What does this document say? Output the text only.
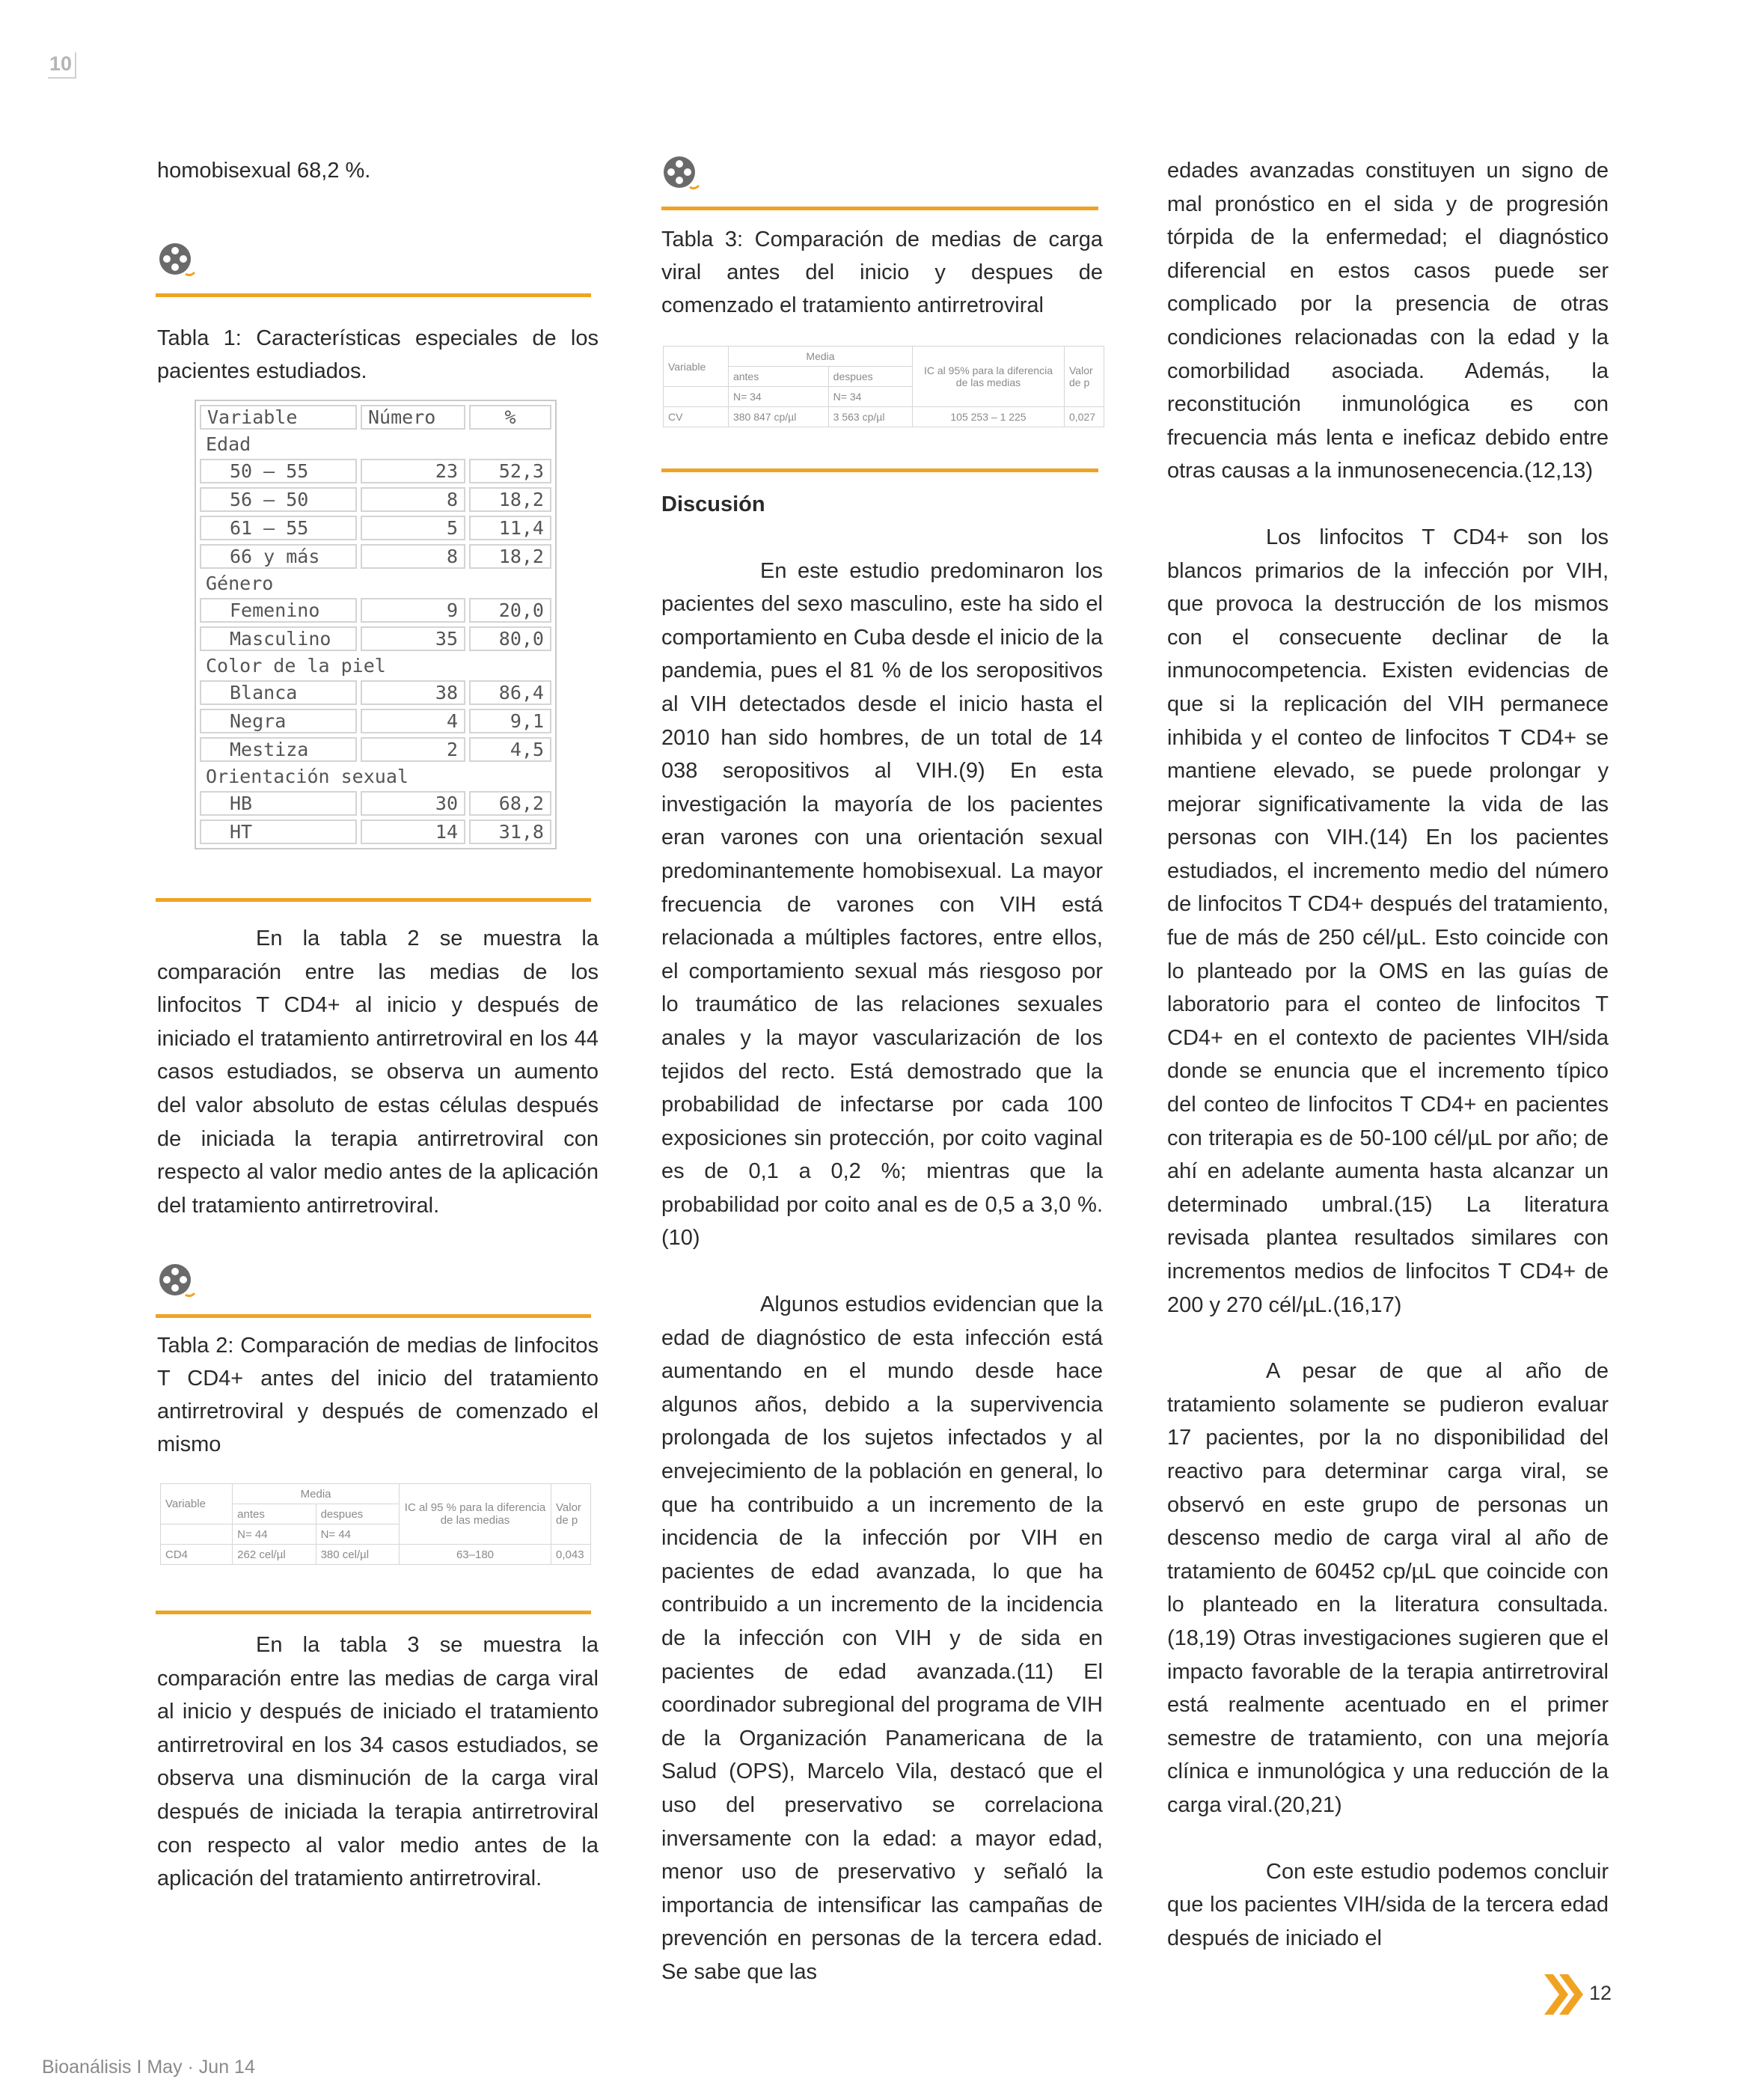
10

homobisexual 68,2 %.

Tabla 1: Características especiales de los pacientes estudiados.

Variable	Número	%
Edad		
50 – 55	23	52,3
56 – 50	8	18,2
61 – 55	5	11,4
66 y más	8	18,2
Género		
Femenino	9	20,0
Masculino	35	80,0
Color de la piel		
Blanca	38	86,4
Negra	4	9,1
Mestiza	2	4,5
Orientación sexual		
HB	30	68,2
HT	14	31,8

En la tabla 2 se muestra la comparación entre las medias de los linfocitos T CD4+ al inicio y después de iniciado el tratamiento antirretroviral en los 44 casos estudiados, se observa un aumento del valor absoluto de estas células después de iniciada la terapia antirretroviral con respecto al valor medio antes de la aplicación del tratamiento antirretroviral.

Tabla 2: Comparación de medias de linfocitos T CD4+ antes del inicio del tratamiento antirretroviral y después de comenzado el mismo

Variable	Media		IC al 95 % para la diferencia de las medias	Valor de p
	antes	despues		
	N= 44	N= 44		
CD4	262 cel/µl	380 cel/µl	63–180	0,043

En la tabla 3 se muestra la comparación entre las medias de carga viral al inicio y después de iniciado el tratamiento antirretroviral en los 34 casos estudiados, se observa una disminución de la carga viral después de iniciada la terapia antirretroviral con respecto al valor medio antes de la aplicación del tratamiento antirretroviral.

Tabla 3: Comparación de medias de carga viral antes del inicio y despues de comenzado el tratamiento antirretroviral

Variable	Media		IC al 95% para la diferencia de las medias	Valor de p
	antes	despues		
	N= 34	N= 34		
CV	380 847 cp/µl	3 563 cp/µl	105 253 – 1 225	0,027

Discusión

En este estudio predominaron los pacientes del sexo masculino, este ha sido el comportamiento en Cuba desde el inicio de la pandemia, pues el 81 % de los seropositivos al VIH detectados desde el inicio hasta el 2010 han sido hombres, de un total de 14 038 seropositivos al VIH.(9) En esta investigación la mayoría de los pacientes eran varones con una orientación sexual predominantemente homobisexual. La mayor frecuencia de varones con VIH está relacionada a múltiples factores, entre ellos, el comportamiento sexual más riesgoso por lo traumático de las relaciones sexuales anales y la mayor vascularización de los tejidos del recto. Está demostrado que la probabilidad de infectarse por cada 100 exposiciones sin protección, por coito vaginal es de 0,1 a 0,2 %; mientras que la probabilidad por coito anal es de 0,5 a 3,0 %.(10)

Algunos estudios evidencian que la edad de diagnóstico de esta infección está aumentando en el mundo desde hace algunos años, debido a la supervivencia prolongada de los sujetos infectados y al envejecimiento de la población en general, lo que ha contribuido a un incremento de la incidencia de la infección por VIH en pacientes de edad avanzada, lo que ha contribuido a un incremento de la incidencia de la infección con VIH y de sida en pacientes de edad avanzada.(11) El coordinador subregional del programa de VIH de la Organización Panamericana de la Salud (OPS), Marcelo Vila, destacó que el uso del preservativo se correlaciona inversamente con la edad: a mayor edad, menor uso de preservativo y señaló la importancia de intensificar las campañas de prevención en personas de la tercera edad. Se sabe que las

edades avanzadas constituyen un signo de mal pronóstico en el sida y de progresión tórpida de la enfermedad; el diagnóstico diferencial en estos casos puede ser complicado por la presencia de otras condiciones relacionadas con la edad y la comorbilidad asociada. Además, la reconstitución inmunológica es con frecuencia más lenta e ineficaz debido entre otras causas a la inmunosenecencia.(12,13)

Los linfocitos T CD4+ son los blancos primarios de la infección por VIH, que provoca la destrucción de los mismos con el consecuente declinar de la inmunocompetencia. Existen evidencias de que si la replicación del VIH permanece inhibida y el conteo de linfocitos T CD4+ se mantiene elevado, se puede prolongar y mejorar significativamente la vida de las personas con VIH.(14) En los pacientes estudiados, el incremento medio del número de linfocitos T CD4+ después del tratamiento, fue de más de 250 cél/µL. Esto coincide con lo planteado por la OMS en las guías de laboratorio para el conteo de linfocitos T CD4+ en el contexto de pacientes VIH/sida donde se enuncia que el incremento típico del conteo de linfocitos T CD4+ en pacientes con triterapia es de 50-100 cél/µL por año; de ahí en adelante aumenta hasta alcanzar un determinado umbral.(15) La literatura revisada plantea resultados similares con incrementos medios de linfocitos T CD4+ de 200 y 270 cél/µL.(16,17)

A pesar de que al año de tratamiento solamente se pudieron evaluar 17 pacientes, por la no disponibilidad del reactivo para determinar carga viral, se observó en este grupo de personas un descenso medio de carga viral al año de tratamiento de 60452 cp/µL que coincide con lo planteado en la literatura consultada.(18,19) Otras investigaciones sugieren que el impacto favorable de la terapia antirretroviral está realmente acentuado en el primer semestre de tratamiento, con una mejoría clínica e inmunológica y una reducción de la carga viral.(20,21)

Con este estudio podemos concluir que los pacientes VIH/sida de la tercera edad después de iniciado el

12
Bioanálisis I May · Jun 14
